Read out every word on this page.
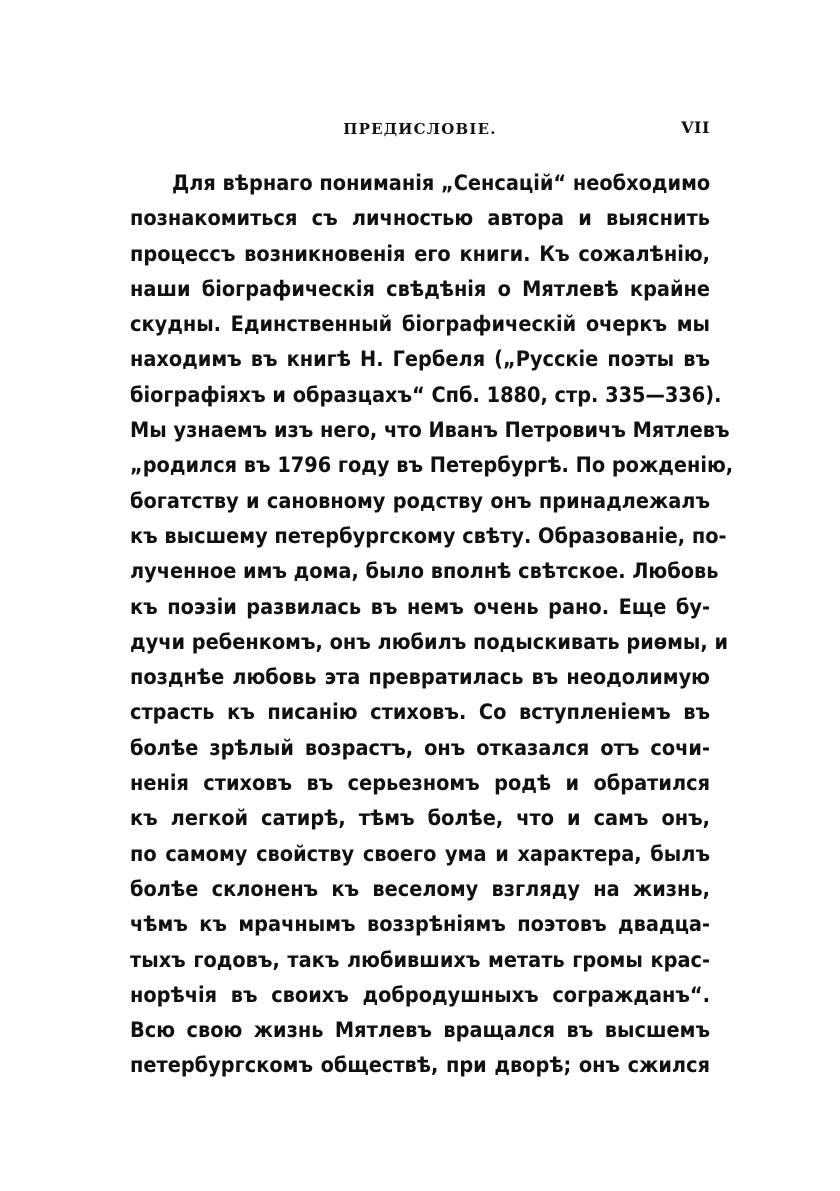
ПРЕДИСЛОВІЕ.	VII
Для вѣрнаго пониманія „Сенсацій“ необходимо
познакомиться съ личностью автора и выяснить
процессъ возникновенія его книги. Къ сожалѣнію,
наши біографическія свѣдѣнія о Мятлевѣ крайне
скудны. Единственный біографическій очеркъ мы
находимъ въ книгѣ Н. Гербеля („Русскіе поэты въ
біографіяхъ и образцахъ“ Спб. 1880, стр. 335—336).
Мы узнаемъ изъ него, что Иванъ Петровичъ Мятлевъ
„родился въ 1796 году въ Петербургѣ. По рожденію,
богатству и сановному родству онъ принадлежалъ
къ высшему петербургскому свѣту. Образованіе, по-
лученное имъ дома, было вполнѣ свѣтское. Любовь
къ поэзіи развилась въ немъ очень рано. Еще бу-
дучи ребенкомъ, онъ любилъ подыскивать риѳмы, и
позднѣе любовь эта превратилась въ неодолимую
страсть къ писанію стиховъ. Со вступленіемъ въ
болѣе зрѣлый возрастъ, онъ отказался отъ сочи-
ненія стиховъ въ серьезномъ родѣ и обратился
къ легкой сатирѣ, тѣмъ болѣе, что и самъ онъ,
по самому свойству своего ума и характера, былъ
болѣе склоненъ къ веселому взгляду на жизнь,
чѣмъ къ мрачнымъ воззрѣніямъ поэтовъ двадца-
тыхъ годовъ, такъ любившихъ метать громы крас-
норѣчія въ своихъ добродушныхъ согражданъ“.
Всю свою жизнь Мятлевъ вращался въ высшемъ
петербургскомъ обществѣ, при дворѣ; онъ сжился
